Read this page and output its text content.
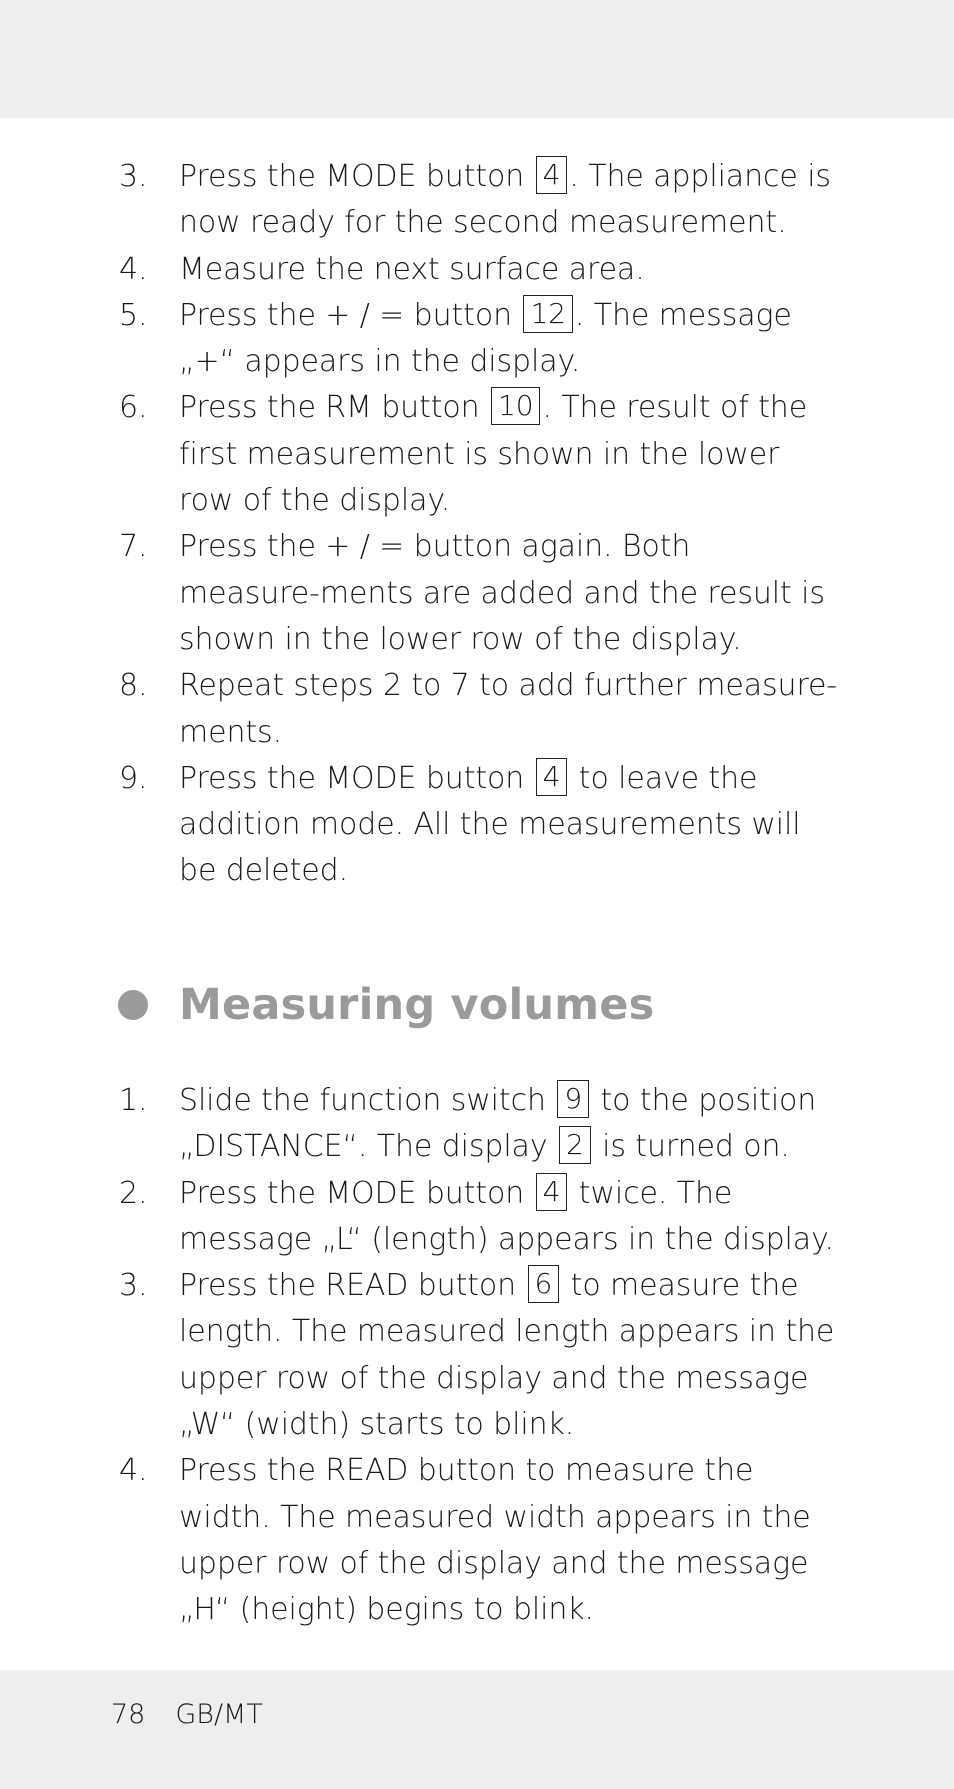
3. Press the MODE button 4 . The appliance is now ready for the second measurement.
4. Measure the next surface area.
5. Press the + / = button 12 . The message „+“ appears in the display.
6. Press the RM button 10 . The result of the first measurement is shown in the lower row of the display.
7. Press the + / = button again. Both measure-ments are added and the result is shown in the lower row of the display.
8. Repeat steps 2 to 7 to add further measure-ments.
9. Press the MODE button 4 to leave the addition mode. All the measurements will be deleted.
Measuring volumes
1. Slide the function switch 9 to the position „DISTANCE“. The display 2 is turned on.
2. Press the MODE button 4 twice. The message „L“ (length) appears in the display.
3. Press the READ button 6 to measure the length. The measured length appears in the upper row of the display and the message „W“ (width) starts to blink.
4. Press the READ button to measure the width. The measured width appears in the upper row of the display and the message „H“ (height) begins to blink.
78 GB/MT
